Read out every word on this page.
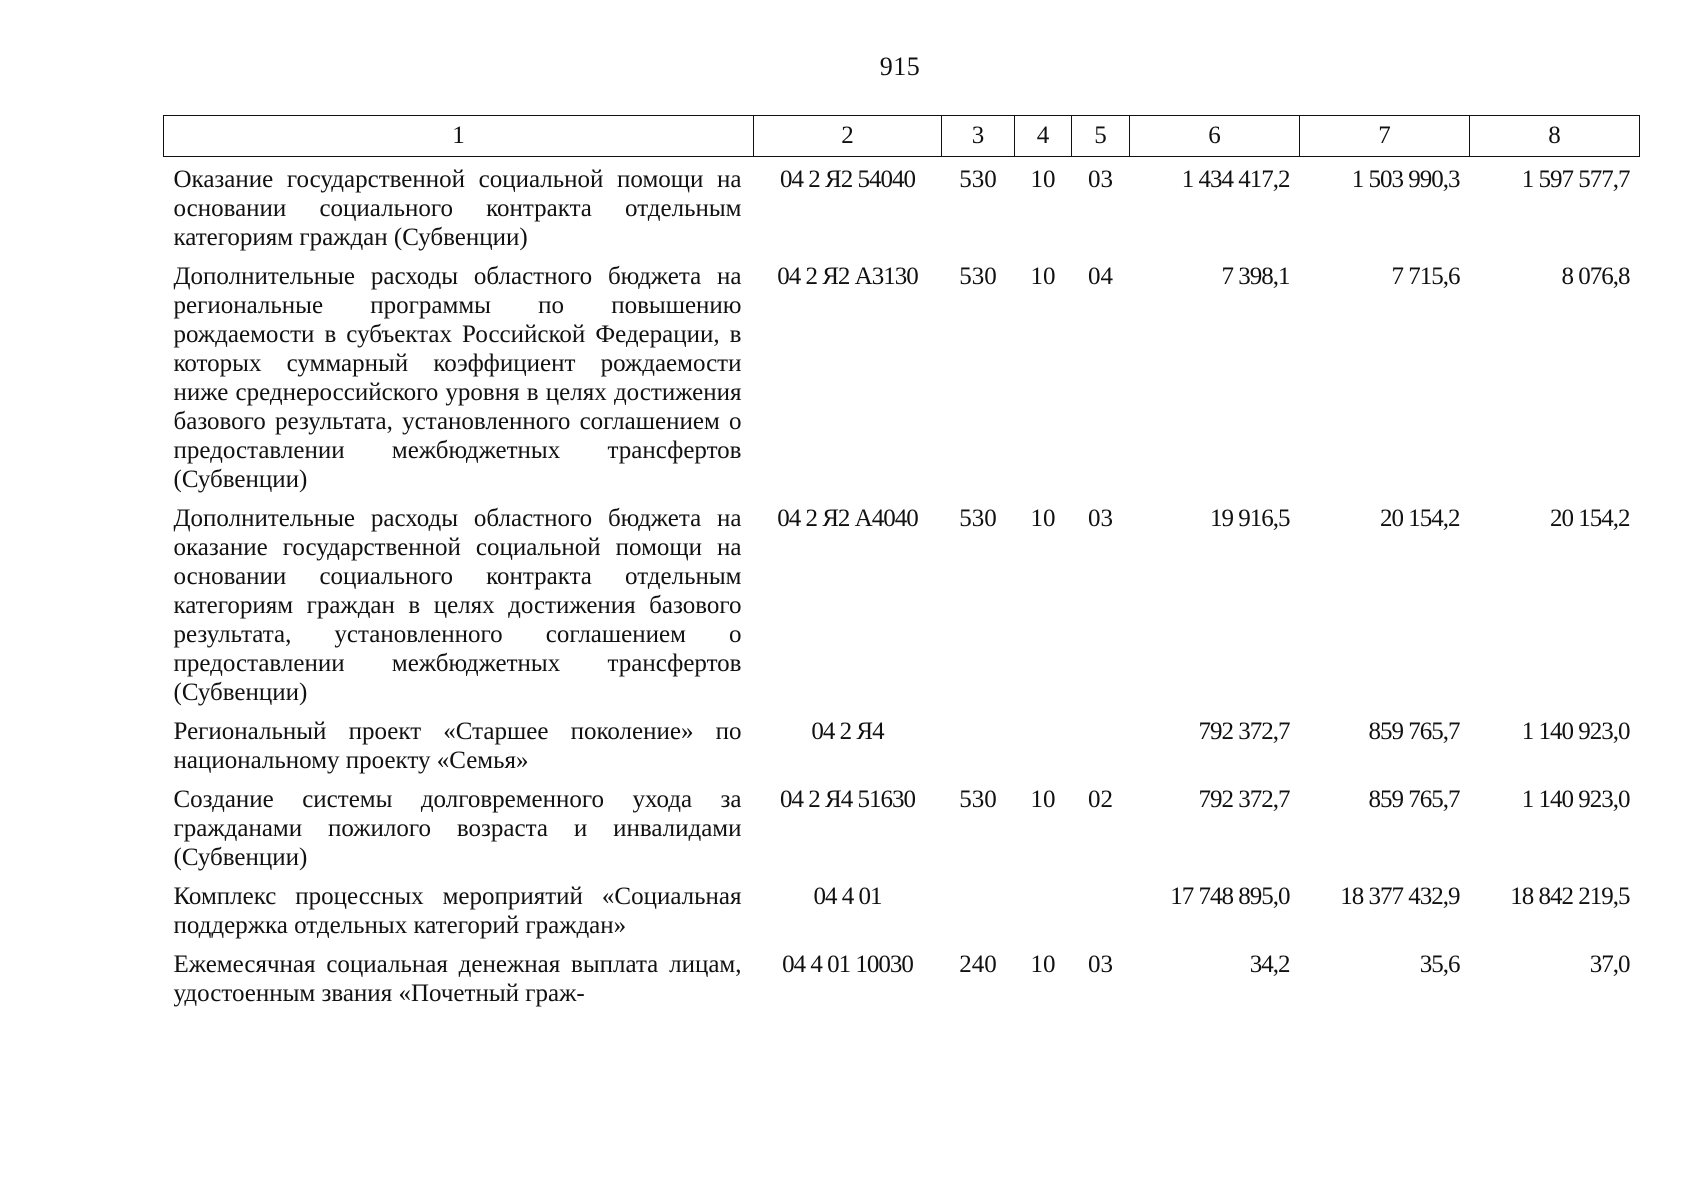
915
1	2	3	4	5	6	7	8
Оказание государственной социальной помощи на основании социального контракта отдельным категориям граждан (Субвенции)	04 2 Я2 54040	530	10	03	1 434 417,2	1 503 990,3	1 597 577,7
Дополнительные расходы областного бюджета на региональные программы по повышению рождаемости в субъектах Российской Федерации, в которых суммарный коэффициент рождаемости ниже среднероссийского уровня в целях достижения базового результата, установленного соглашением о предоставлении межбюджетных трансфертов (Субвенции)	04 2 Я2 А3130	530	10	04	7 398,1	7 715,6	8 076,8
Дополнительные расходы областного бюджета на оказание государственной социальной помощи на основании социального контракта отдельным категориям граждан в целях достижения базового результата, установленного соглашением о предоставлении межбюджетных трансфертов (Субвенции)	04 2 Я2 А4040	530	10	03	19 916,5	20 154,2	20 154,2
Региональный проект «Старшее поколение» по национальному проекту «Семья»	04 2 Я4				792 372,7	859 765,7	1 140 923,0
Создание системы долговременного ухода за гражданами пожилого возраста и инвалидами (Субвенции)	04 2 Я4 51630	530	10	02	792 372,7	859 765,7	1 140 923,0
Комплекс процессных мероприятий «Социальная поддержка отдельных категорий граждан»	04 4 01				17 748 895,0	18 377 432,9	18 842 219,5
Ежемесячная социальная денежная выплата лицам, удостоенным звания «Почетный граж-	04 4 01 10030	240	10	03	34,2	35,6	37,0
